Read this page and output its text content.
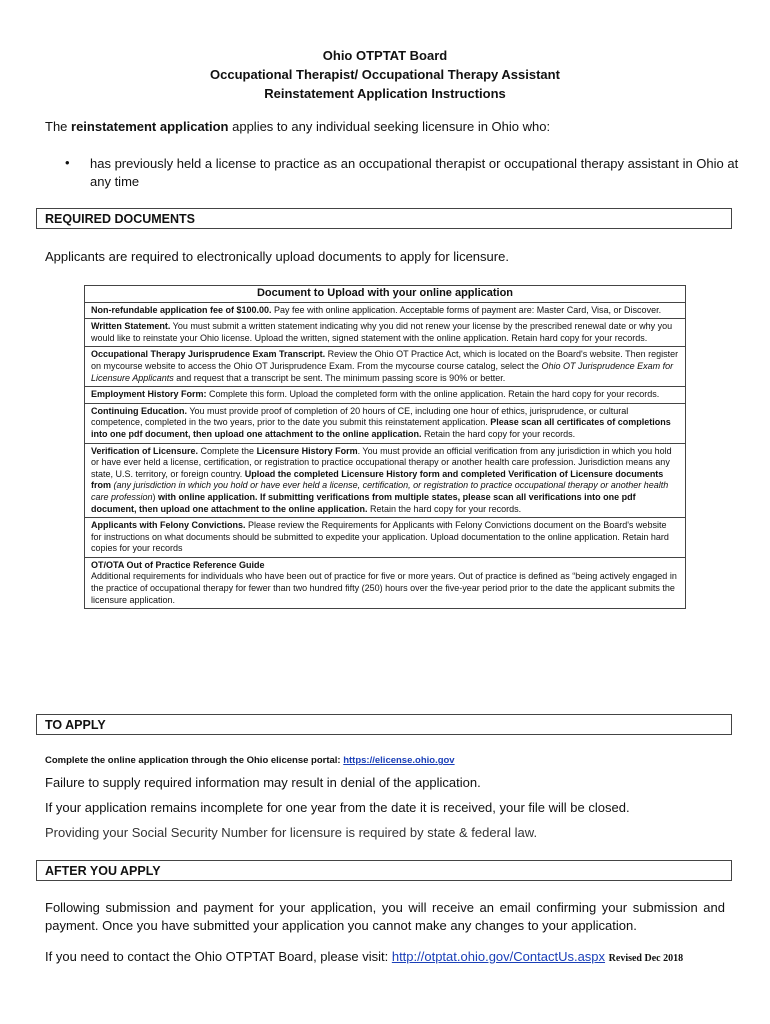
Ohio OTPTAT Board
Occupational Therapist/ Occupational Therapy Assistant
Reinstatement Application Instructions
The reinstatement application applies to any individual seeking licensure in Ohio who:
• has previously held a license to practice as an occupational therapist or occupational therapy assistant in Ohio at any time
REQUIRED DOCUMENTS
Applicants are required to electronically upload documents to apply for licensure.
Document to Upload with your online application
Non-refundable application fee of $100.00. Pay fee with online application. Acceptable forms of payment are: Master Card, Visa, or Discover.
Written Statement. You must submit a written statement indicating why you did not renew your license by the prescribed renewal date or why you would like to reinstate your Ohio license. Upload the written, signed statement with the online application. Retain hard copy for your records.
Occupational Therapy Jurisprudence Exam Transcript. Review the Ohio OT Practice Act, which is located on the Board's website. Then register on mycourse website to access the Ohio OT Jurisprudence Exam. From the mycourse course catalog, select the Ohio OT Jurisprudence Exam for Licensure Applicants and request that a transcript be sent. The minimum passing score is 90% or better.
Employment History Form: Complete this form. Upload the completed form with the online application. Retain the hard copy for your records.
Continuing Education. You must provide proof of completion of 20 hours of CE, including one hour of ethics, jurisprudence, or cultural competence, completed in the two years, prior to the date you submit this reinstatement application. Please scan all certificates of completions into one pdf document, then upload one attachment to the online application. Retain the hard copy for your records.
Verification of Licensure. Complete the Licensure History Form. You must provide an official verification from any jurisdiction in which you hold or have ever held a license, certification, or registration to practice occupational therapy or another health care profession. Jurisdiction means any state, U.S. territory, or foreign country. Upload the completed Licensure History form and completed Verification of Licensure documents from (any jurisdiction in which you hold or have ever held a license, certification, or registration to practice occupational therapy or another health care profession) with online application. If submitting verifications from multiple states, please scan all verifications into one pdf document, then upload one attachment to the online application. Retain the hard copy for your records.
Applicants with Felony Convictions. Please review the Requirements for Applicants with Felony Convictions document on the Board's website for instructions on what documents should be submitted to expedite your application. Upload documentation to the online application. Retain hard copies for your records

OT/OTA Out of Practice Reference Guide
Additional requirements for individuals who have been out of practice for five or more years. Out of practice is defined as “being actively engaged in the practice of occupational therapy for fewer than two hundred fifty (250) hours over the five-year period prior to the date the applicant submits the licensure application.
TO APPLY
Complete the online application through the Ohio elicense portal: https://elicense.ohio.gov
Failure to supply required information may result in denial of the application.
If your application remains incomplete for one year from the date it is received, your file will be closed.
Providing your Social Security Number for licensure is required by state & federal law.
AFTER YOU APPLY
Following submission and payment for your application, you will receive an email confirming your submission and payment. Once you have submitted your application you cannot make any changes to your application.
If you need to contact the Ohio OTPTAT Board, please visit: http://otptat.ohio.gov/ContactUs.aspx Revised Dec 2018
